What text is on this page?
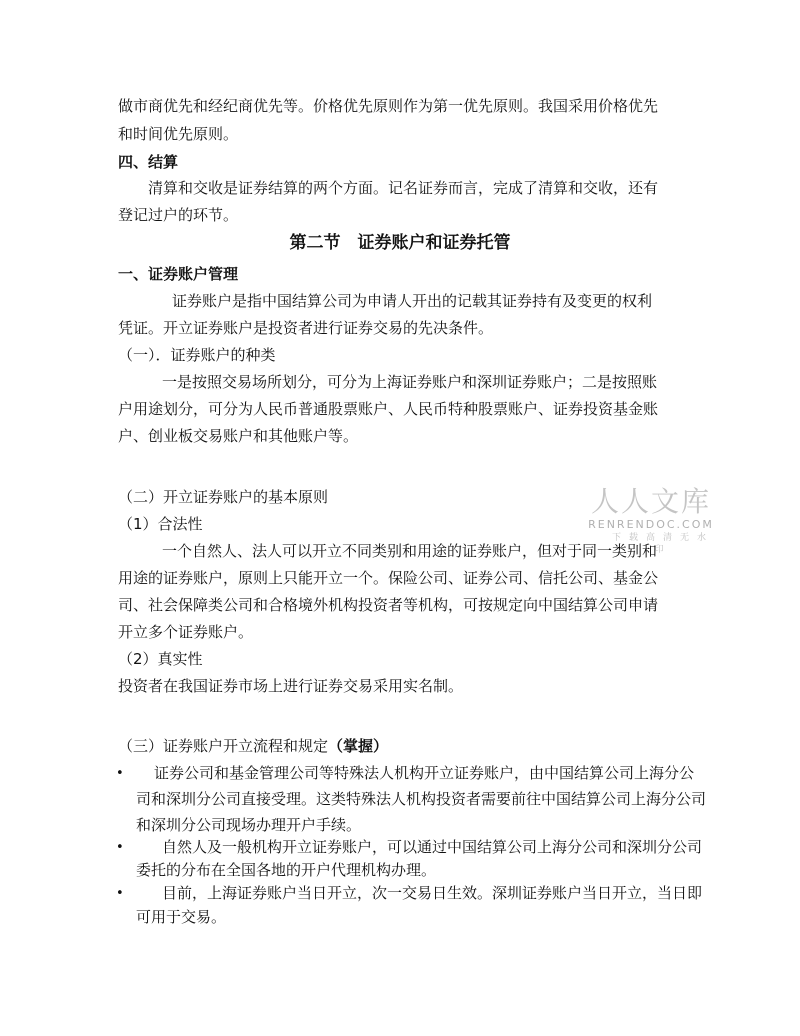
做市商优先和经纪商优先等。价格优先原则作为第一优先原则。我国采用价格优先
和时间优先原则。
四、结算
清算和交收是证券结算的两个方面。记名证券而言，完成了清算和交收，还有
登记过户的环节。
第二节　证券账户和证券托管
一、证券账户管理
证券账户是指中国结算公司为申请人开出的记载其证券持有及变更的权利
凭证。开立证券账户是投资者进行证券交易的先决条件。
（一）．证券账户的种类
一是按照交易场所划分，可分为上海证券账户和深圳证券账户；二是按照账
户用途划分，可分为人民币普通股票账户、人民币特种股票账户、证券投资基金账
户、创业板交易账户和其他账户等。
（二）开立证券账户的基本原则
（1）合法性
一个自然人、法人可以开立不同类别和用途的证券账户，但对于同一类别和
用途的证券账户，原则上只能开立一个。保险公司、证券公司、信托公司、基金公
司、社会保障类公司和合格境外机构投资者等机构，可按规定向中国结算公司申请
开立多个证券账户。
（2）真实性
投资者在我国证券市场上进行证券交易采用实名制。
（三）证券账户开立流程和规定（掌握）
• 证券公司和基金管理公司等特殊法人机构开立证券账户，由中国结算公司上海分公
司和深圳分公司直接受理。这类特殊法人机构投资者需要前往中国结算公司上海分公司
和深圳分公司现场办理开户手续。
•	自然人及一般机构开立证券账户，可以通过中国结算公司上海分公司和深圳分公司
委托的分布在全国各地的开户代理机构办理。
•	目前，上海证券账户当日开立，次一交易日生效。深圳证券账户当日开立，当日即
可用于交易。
人人文库
RENRENDOC.COM
下载高清无水印
